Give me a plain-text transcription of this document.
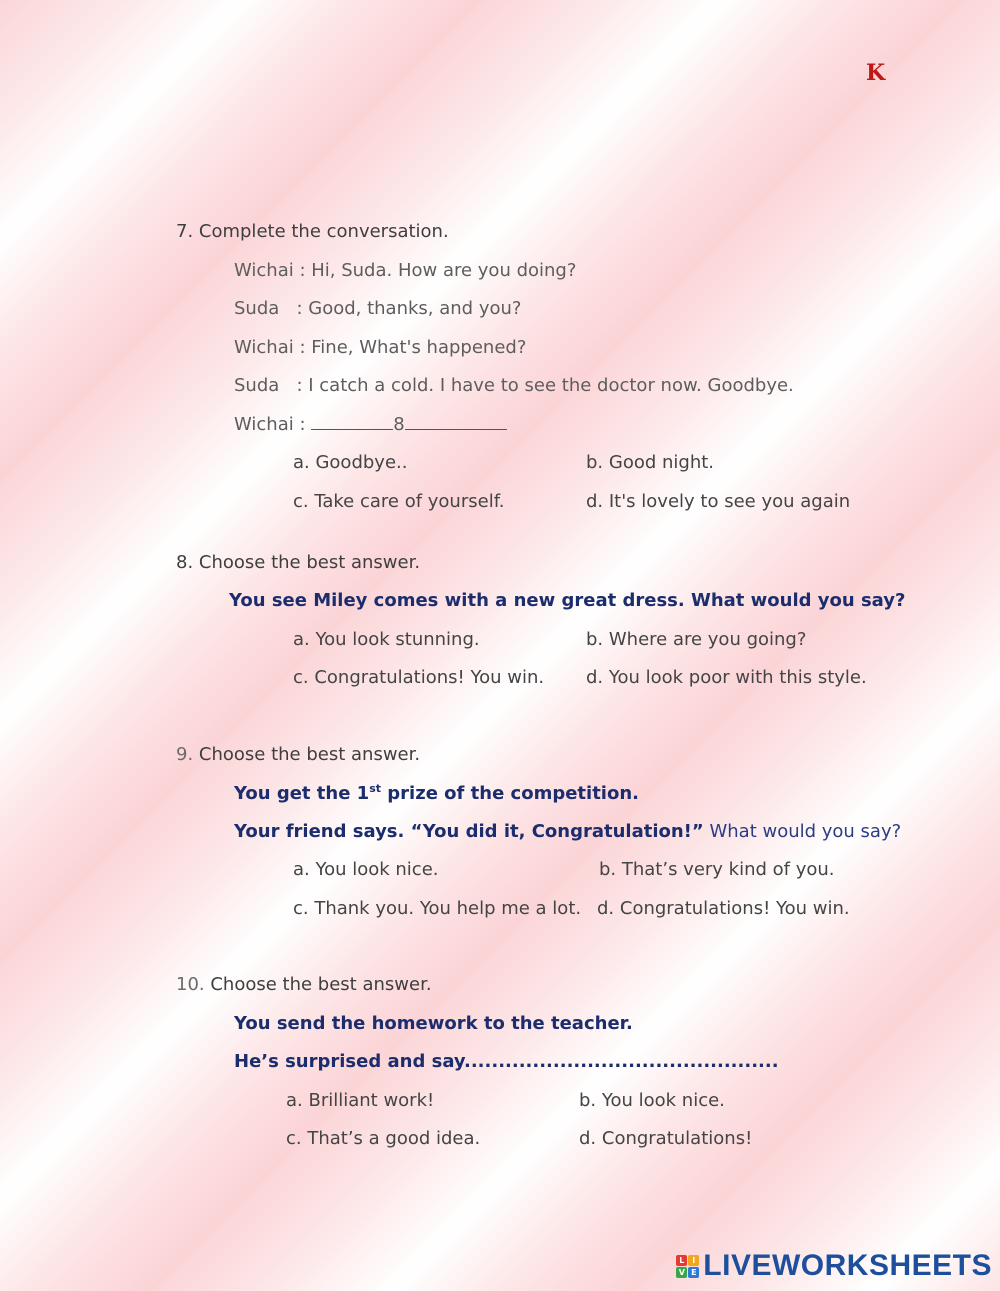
K
7. Complete the conversation.
Wichai : Hi, Suda. How are you doing?
Suda   : Good, thanks, and you?
Wichai : Fine, What's happened?
Suda   : I catch a cold. I have to see the doctor now. Goodbye.
Wichai :	8
a. Goodbye..	b. Good night.
c. Take care of yourself.	d. It's lovely to see you again
8. Choose the best answer.
You see Miley comes with a new great dress. What would you say?
a. You look stunning.	b. Where are you going?
c. Congratulations! You win. d. You look poor with this style.
9. Choose the best answer.
You get the 1st prize of the competition.
Your friend says. “You did it, Congratulation!” What would you say?
a. You look nice.	b. That’s very kind of you.
c. Thank you. You help me a lot. d. Congratulations! You win.
10. Choose the best answer.
You send the homework to the teacher.
He’s surprised and say..............................................
a. Brilliant work!	b. You look nice.
c. That’s a good idea.	d. Congratulations!
L I
V E LIVEWORKSHEETS
